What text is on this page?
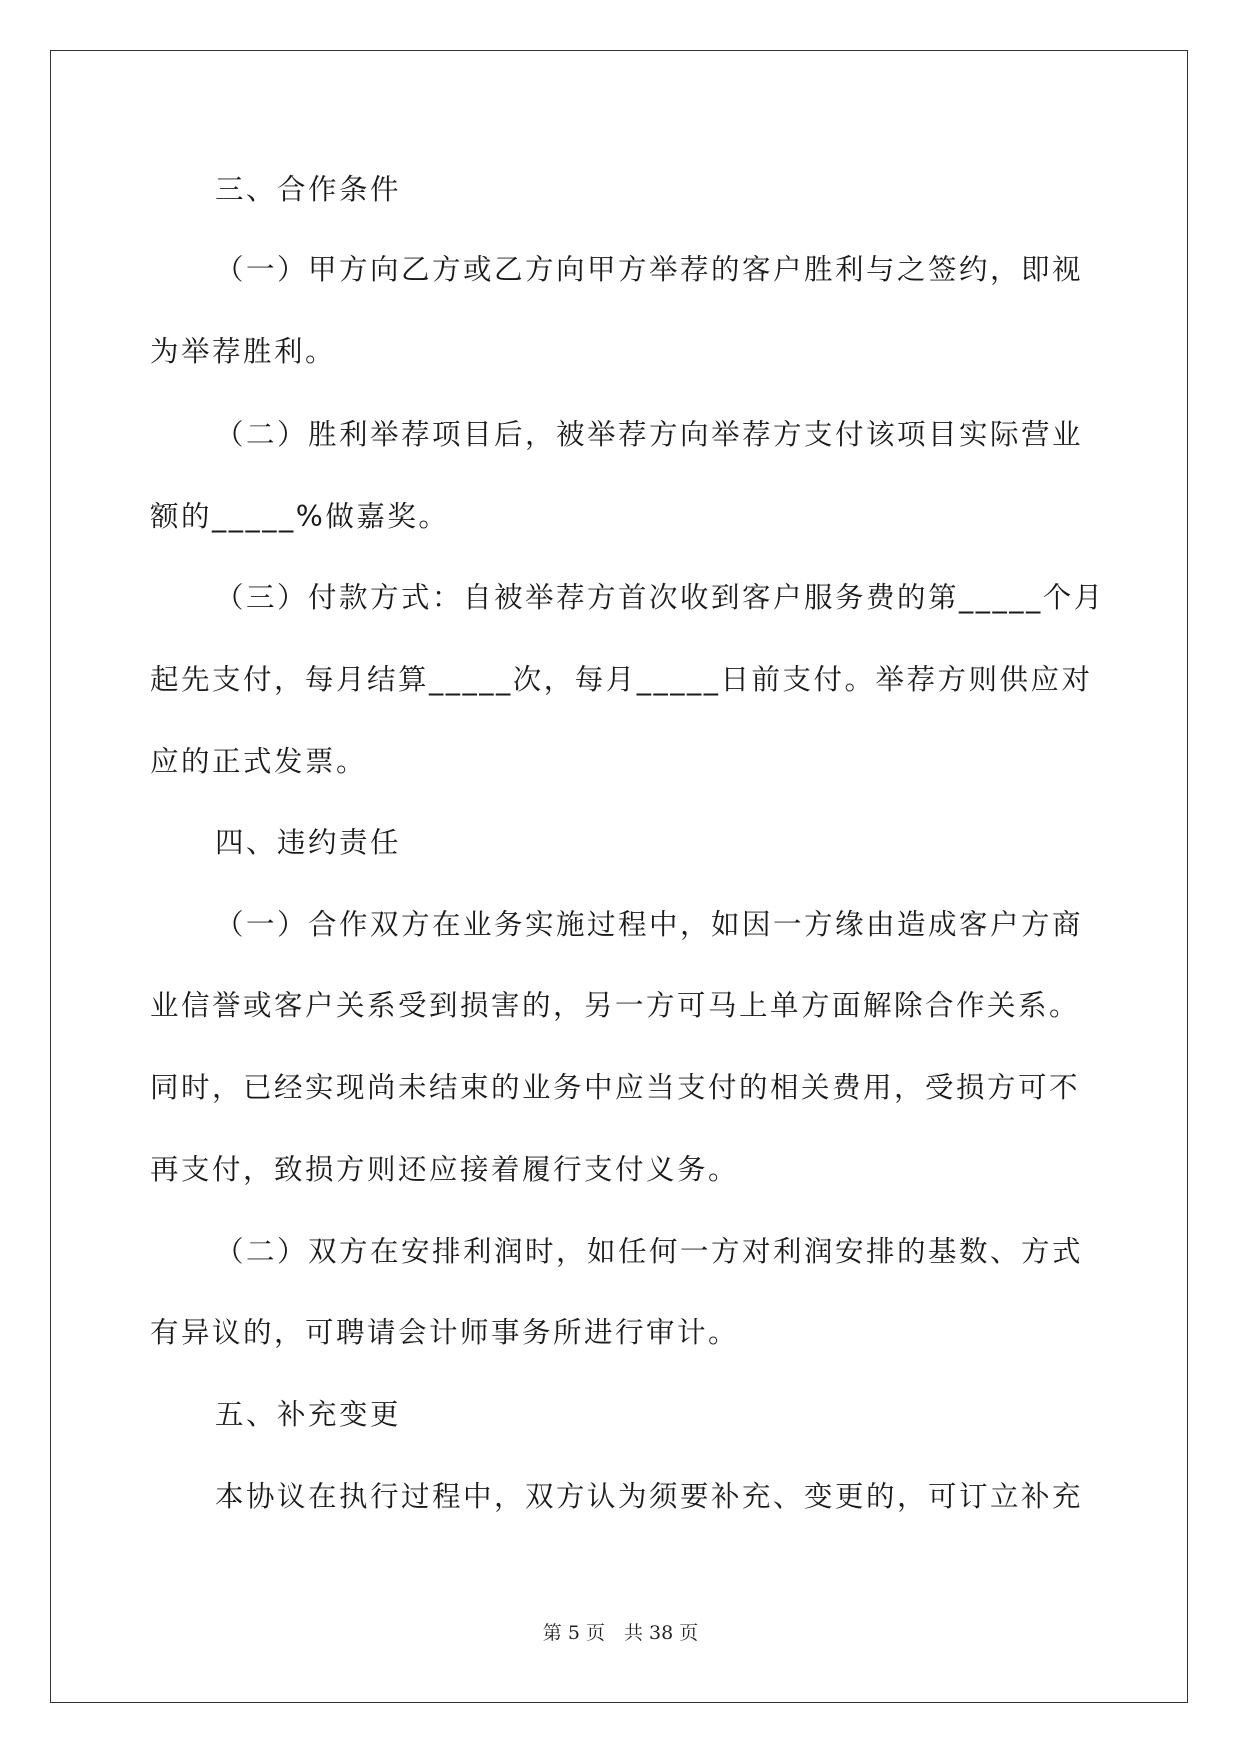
三、合作条件
（一）甲方向乙方或乙方向甲方举荐的客户胜利与之签约，即视
为举荐胜利。
（二）胜利举荐项目后，被举荐方向举荐方支付该项目实际营业
额的_____%做嘉奖。
（三）付款方式：自被举荐方首次收到客户服务费的第_____个月
起先支付，每月结算_____次，每月_____日前支付。举荐方则供应对
应的正式发票。
四、违约责任
（一）合作双方在业务实施过程中，如因一方缘由造成客户方商
业信誉或客户关系受到损害的，另一方可马上单方面解除合作关系。
同时，已经实现尚未结束的业务中应当支付的相关费用，受损方可不
再支付，致损方则还应接着履行支付义务。
（二）双方在安排利润时，如任何一方对利润安排的基数、方式
有异议的，可聘请会计师事务所进行审计。
五、补充变更
本协议在执行过程中，双方认为须要补充、变更的，可订立补充
第 5 页　共 38 页
